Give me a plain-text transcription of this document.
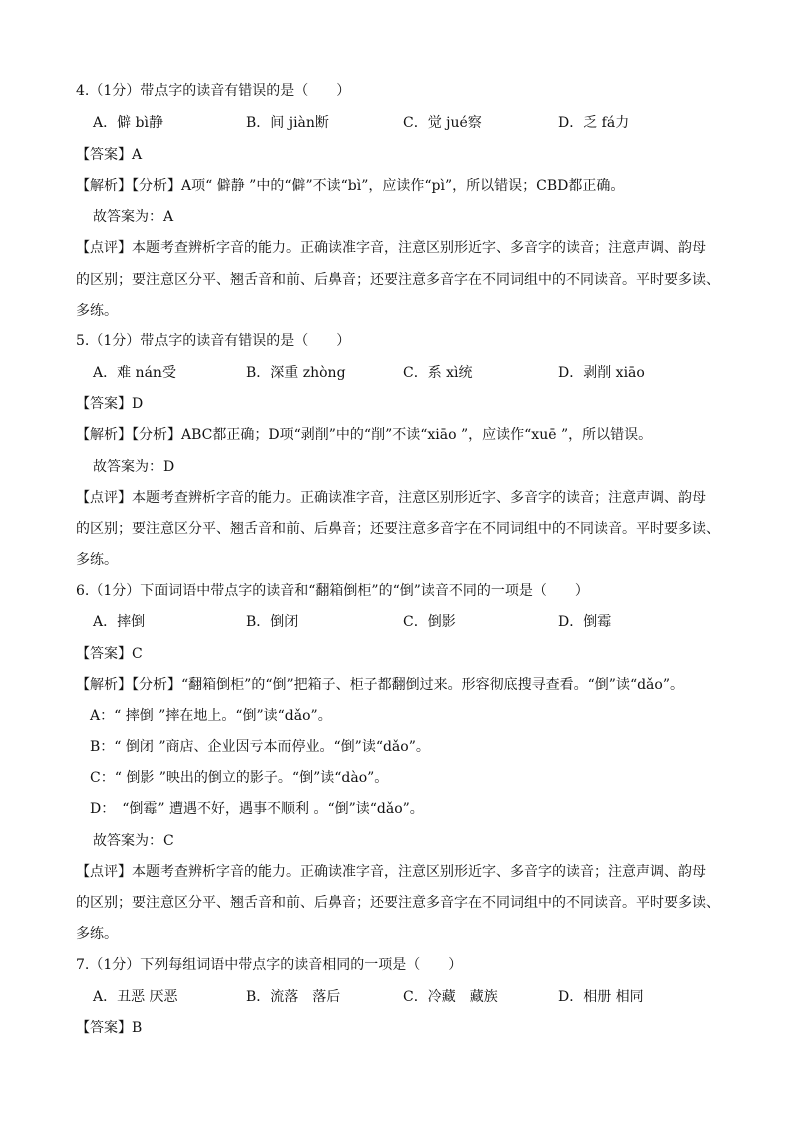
4.（1分）带点字的读音有错误的是（　　）
A．僻 bì静	B．间 jiàn断	C．觉 jué察	D．乏 fá力
【答案】A
【解析】【分析】A项“ 僻静 ”中的“僻”不读“bì”，应读作“pì”，所以错误；CBD都正确。
故答案为：A
【点评】本题考查辨析字音的能力。正确读准字音，注意区别形近字、多音字的读音；注意声调、韵母
的区别；要注意区分平、翘舌音和前、后鼻音；还要注意多音字在不同词组中的不同读音。平时要多读、
多练。
5.（1分）带点字的读音有错误的是（　　）
A．难 nán受	B．深重 zhòng	C．系 xì统	D．剥削 xiāo
【答案】D
【解析】【分析】ABC都正确；D项“剥削”中的“削”不读“xiāo ”，应读作“xuē ”，所以错误。
故答案为：D
【点评】本题考查辨析字音的能力。正确读准字音，注意区别形近字、多音字的读音；注意声调、韵母
的区别；要注意区分平、翘舌音和前、后鼻音；还要注意多音字在不同词组中的不同读音。平时要多读、
多练。
6.（1分）下面词语中带点字的读音和“翻箱倒柜”的“倒”读音不同的一项是（　　）
A．摔倒	B．倒闭	C．倒影	D．倒霉
【答案】C
【解析】【分析】“翻箱倒柜”的“倒”把箱子、柜子都翻倒过来。形容彻底搜寻查看。“倒”读“dǎo”。
A：“ 摔倒 ”摔在地上。“倒”读“dǎo”。
B：“ 倒闭 ”商店、企业因亏本而停业。“倒”读“dǎo”。
C：“ 倒影 ”映出的倒立的影子。“倒”读“dào”。
D：　“倒霉” 遭遇不好，遇事不顺利 。“倒”读“dǎo”。
故答案为：C
【点评】本题考查辨析字音的能力。正确读准字音，注意区别形近字、多音字的读音；注意声调、韵母
的区别；要注意区分平、翘舌音和前、后鼻音；还要注意多音字在不同词组中的不同读音。平时要多读、
多练。
7.（1分）下列每组词语中带点字的读音相同的一项是（　　）
A．丑恶 厌恶	B．流落　落后	C．冷藏　藏族	D．相册 相同
【答案】B
